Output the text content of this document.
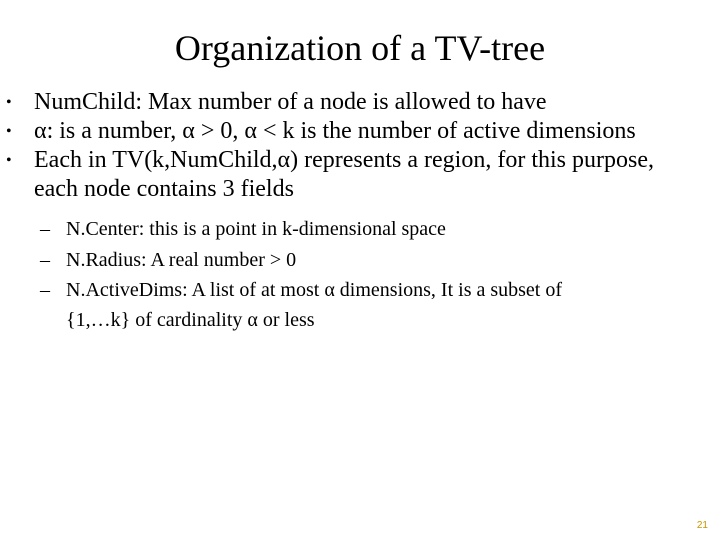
Organization of a TV-tree
• NumChild: Max number of a node is allowed to have
• α: is a number, α > 0, α < k is the number of active dimensions
• Each in TV(k,NumChild,α) represents a region, for this purpose, each node contains 3 fields
– N.Center: this is a point in k-dimensional space
– N.Radius: A real number > 0
– N.ActiveDims: A list of at most α dimensions, It is a subset of
{1,…k} of cardinality α or less
21
